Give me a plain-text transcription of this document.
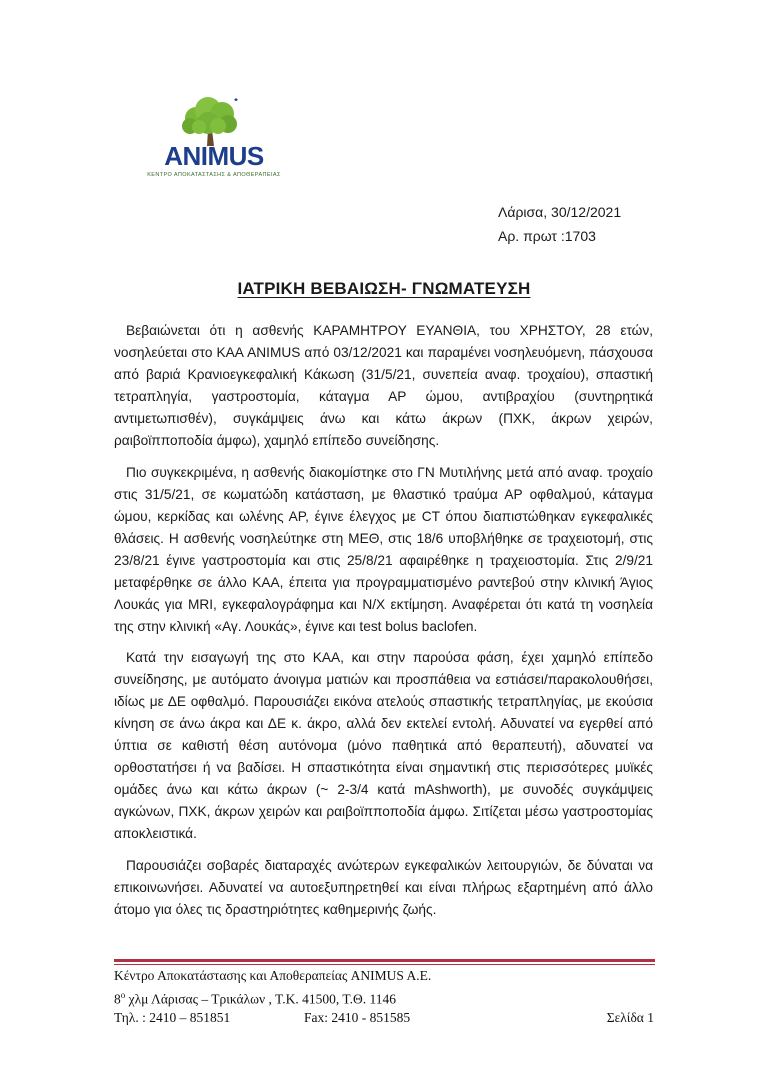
ANIMUS
ΚΕΝΤΡΟ ΑΠΟΚΑΤΑΣΤΑΣΗΣ & ΑΠΟΘΕΡΑΠΕΙΑΣ
Λάρισα, 30/12/2021
Αρ. πρωτ :1703
ΙΑΤΡΙΚΗ ΒΕΒΑΙΩΣΗ- ΓΝΩΜΑΤΕΥΣΗ

Βεβαιώνεται ότι η ασθενής ΚΑΡΑΜΗΤΡΟΥ ΕΥΑΝΘΙΑ, του ΧΡΗΣΤΟΥ, 28 ετών, νοσηλεύεται στο ΚΑΑ ANIMUS από 03/12/2021 και παραμένει νοσηλευόμενη, πάσχουσα από βαριά Κρανιοεγκεφαλική Κάκωση (31/5/21, συνεπεία αναφ. τροχαίου), σπαστική τετραπληγία, γαστροστομία, κάταγμα ΑΡ ώμου, αντιβραχίου (συντηρητικά αντιμετωπισθέν), συγκάμψεις άνω και κάτω άκρων (ΠΧΚ, άκρων χειρών, ραιβοϊπποποδία άμφω), χαμηλό επίπεδο συνείδησης.

Πιο συγκεκριμένα, η ασθενής διακομίστηκε στο ΓΝ Μυτιλήνης μετά από αναφ. τροχαίο στις 31/5/21, σε κωματώδη κατάσταση, με θλαστικό τραύμα ΑΡ οφθαλμού, κάταγμα ώμου, κερκίδας και ωλένης ΑΡ, έγινε έλεγχος με CT όπου διαπιστώθηκαν εγκεφαλικές θλάσεις. Η ασθενής νοσηλεύτηκε στη ΜΕΘ, στις 18/6 υποβλήθηκε σε τραχειοτομή, στις 23/8/21 έγινε γαστροστομία και στις 25/8/21 αφαιρέθηκε η τραχειοστομία. Στις 2/9/21 μεταφέρθηκε σε άλλο ΚΑΑ, έπειτα για προγραμματισμένο ραντεβού στην κλινική Άγιος Λουκάς για MRI, εγκεφαλογράφημα και Ν/Χ εκτίμηση. Αναφέρεται ότι κατά τη νοσηλεία της στην κλινική «Αγ. Λουκάς», έγινε και test bolus baclofen.

Κατά την εισαγωγή της στο ΚΑΑ, και στην παρούσα φάση, έχει χαμηλό επίπεδο συνείδησης, με αυτόματο άνοιγμα ματιών και προσπάθεια να εστιάσει/παρακολουθήσει, ιδίως με ΔΕ οφθαλμό. Παρουσιάζει εικόνα ατελούς σπαστικής τετραπληγίας, με εκούσια κίνηση σε άνω άκρα και ΔΕ κ. άκρο, αλλά δεν εκτελεί εντολή. Αδυνατεί να εγερθεί από ύπτια σε καθιστή θέση αυτόνομα (μόνο παθητικά από θεραπευτή), αδυνατεί να ορθοστατήσει ή να βαδίσει. Η σπαστικότητα είναι σημαντική στις περισσότερες μυϊκές ομάδες άνω και κάτω άκρων (~ 2-3/4 κατά mAshworth), με συνοδές συγκάμψεις αγκώνων, ΠΧΚ, άκρων χειρών και ραιβοϊπποποδία άμφω. Σιτίζεται μέσω γαστροστομίας αποκλειστικά.

Παρουσιάζει σοβαρές διαταραχές ανώτερων εγκεφαλικών λειτουργιών, δε δύναται να επικοινωνήσει. Αδυνατεί να αυτοεξυπηρετηθεί και είναι πλήρως εξαρτημένη από άλλο άτομο για όλες τις δραστηριότητες καθημερινής ζωής.

Κέντρο Αποκατάστασης και Αποθεραπείας ANIMUS A.E.
$8^o$ χλμ Λάρισας – Τρικάλων , Τ.Κ. 41500, Τ.Θ. 1146
Τηλ. : 2410 – 851851	Fax: 2410 - 851585	Σελίδα 1
